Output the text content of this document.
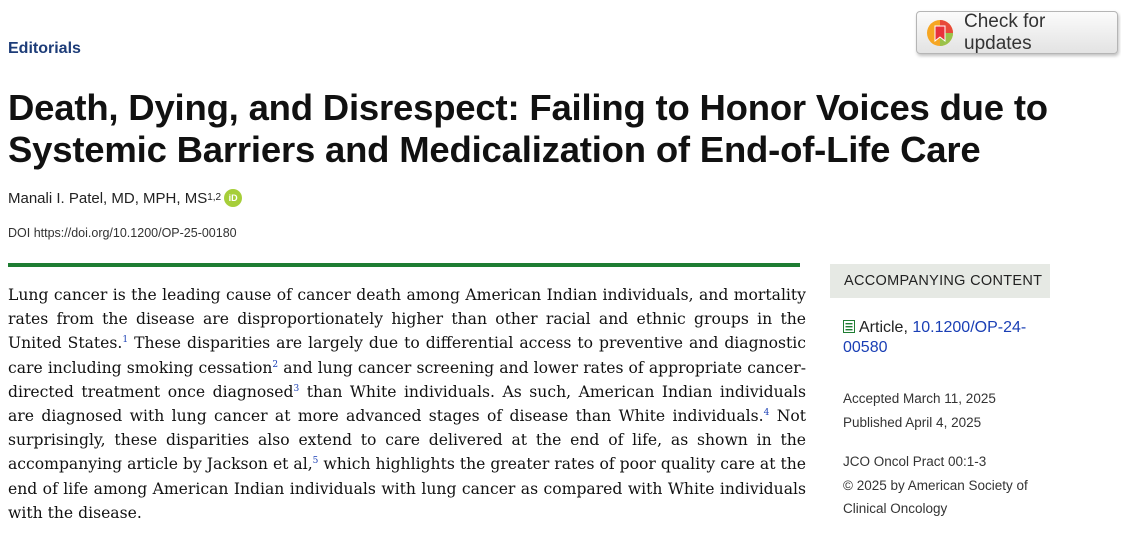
Editorials
Check for updates
Death, Dying, and Disrespect: Failing to Honor Voices due to Systemic Barriers and Medicalization of End-of-Life Care
Manali I. Patel, MD, MPH, MS$^{1,2}$ iD
DOI https://doi.org/10.1200/OP-25-00180

Lung cancer is the leading cause of cancer death among American Indian individuals, and mortality rates from the disease are disproportionately higher than other racial and ethnic groups in the United States.$^1$ These disparities are largely due to differential access to preventive and diagnostic care including smoking cessation$^2$ and lung cancer screening and lower rates of appropriate cancer-directed treatment once diagnosed$^3$ than White individuals. As such, American Indian individuals are diagnosed with lung cancer at more advanced stages of disease than White individuals.$^4$ Not surprisingly, these disparities also extend to care delivered at the end of life, as shown in the accompanying article by Jackson et al,$^5$ which highlights the greater rates of poor quality care at the end of life among American Indian individuals with lung cancer as compared with White individuals with the disease.

ACCOMPANYING CONTENT
Article, 10.1200/OP-24-00580
Accepted March 11, 2025
Published April 4, 2025
JCO Oncol Pract 00:1-3
© 2025 by American Society of Clinical Oncology
